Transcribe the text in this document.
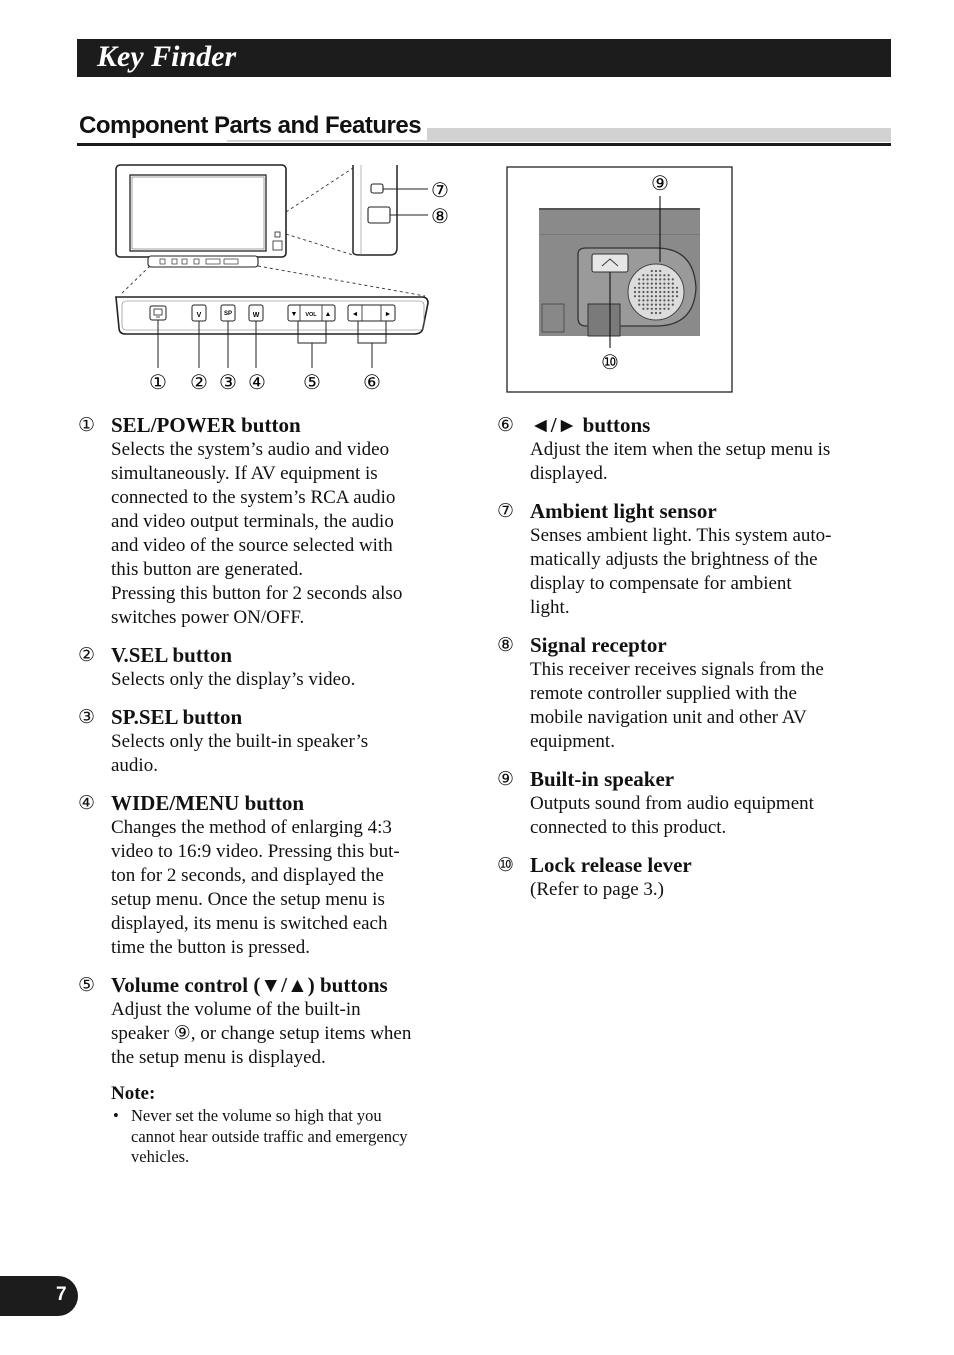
Key Finder
Component Parts and Features
⑦
⑧
V	SP	W	▼ VOL ▲	◄	►
① ② ③ ④ ⑤ ⑥
⑨
⑩
① SEL/POWER button
Selects the system’s audio and video
simultaneously. If AV equipment is
connected to the system’s RCA audio
and video output terminals, the audio
and video of the source selected with
this button are generated.
Pressing this button for 2 seconds also
switches power ON/OFF.
② V.SEL button
Selects only the display’s video.
③ SP.SEL button
Selects only the built-in speaker’s
audio.
④ WIDE/MENU button
Changes the method of enlarging 4:3
video to 16:9 video. Pressing this but-
ton for 2 seconds, and displayed the
setup menu. Once the setup menu is
displayed, its menu is switched each
time the button is pressed.
⑤ Volume control (▼/▲) buttons
Adjust the volume of the built-in
speaker ⑨, or change setup items when
the setup menu is displayed.
Note:
• Never set the volume so high that you
cannot hear outside traffic and emergency
vehicles.
⑥ ◄/► buttons
Adjust the item when the setup menu is
displayed.
⑦ Ambient light sensor
Senses ambient light. This system auto-
matically adjusts the brightness of the
display to compensate for ambient
light.
⑧ Signal receptor
This receiver receives signals from the
remote controller supplied with the
mobile navigation unit and other AV
equipment.
⑨ Built-in speaker
Outputs sound from audio equipment
connected to this product.
⑩ Lock release lever
(Refer to page 3.)
7
